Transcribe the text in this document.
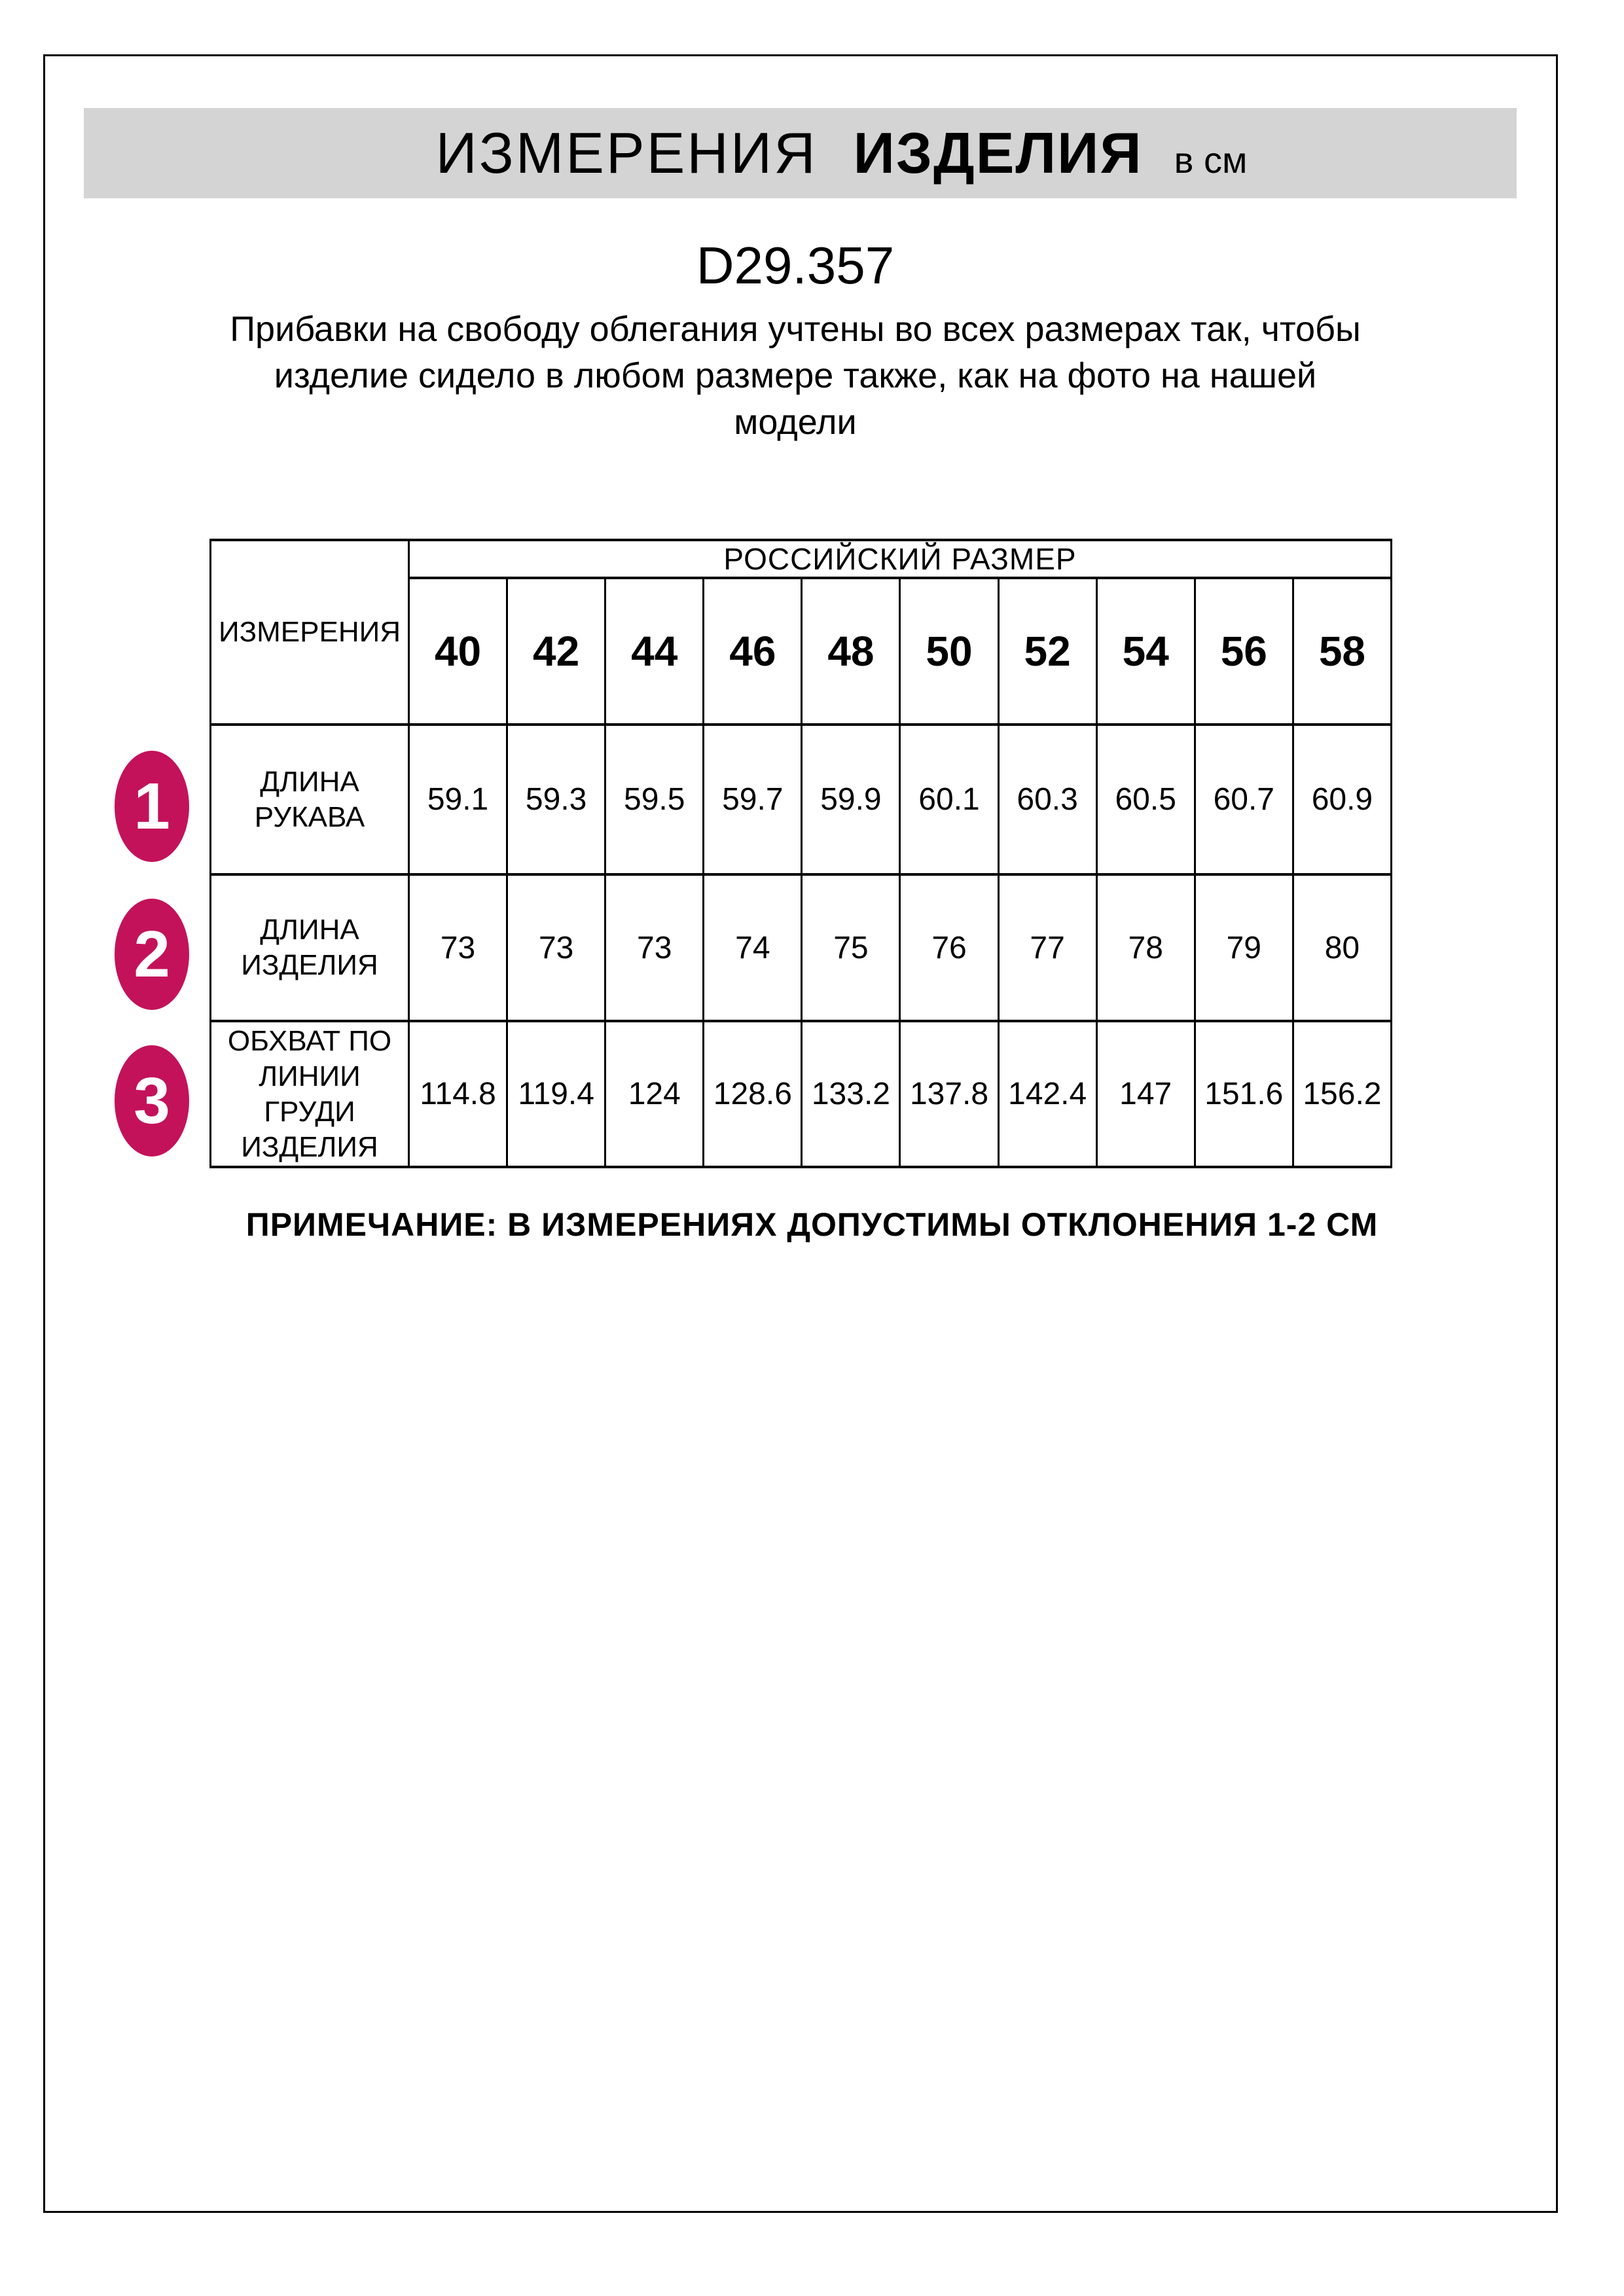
ИЗМЕРЕНИЯ ИЗДЕЛИЯ в см
D29.357
Прибавки на свободу облегания учтены во всех размерах так, чтобы
изделие сидело в любом размере также, как на фото на нашей
модели
ИЗМЕРЕНИЯ	РОССИЙСКИЙ РАЗМЕР									
	40	42	44	46	48	50	52	54	56	58

ДЛИНА
РУКАВА	59.1	59.3	59.5	59.7	59.9	60.1	60.3	60.5	60.7	60.9

ДЛИНА
ИЗДЕЛИЯ	73	73	73	74	75	76	77	78	79	80

ОБХВАТ ПО
ЛИНИИ
ГРУДИ
ИЗДЕЛИЯ	114.8	119.4	124	128.6	133.2	137.8	142.4	147	151.6	156.2
1
2
3
ПРИМЕЧАНИЕ: В ИЗМЕРЕНИЯХ ДОПУСТИМЫ ОТКЛОНЕНИЯ 1-2 СМ
